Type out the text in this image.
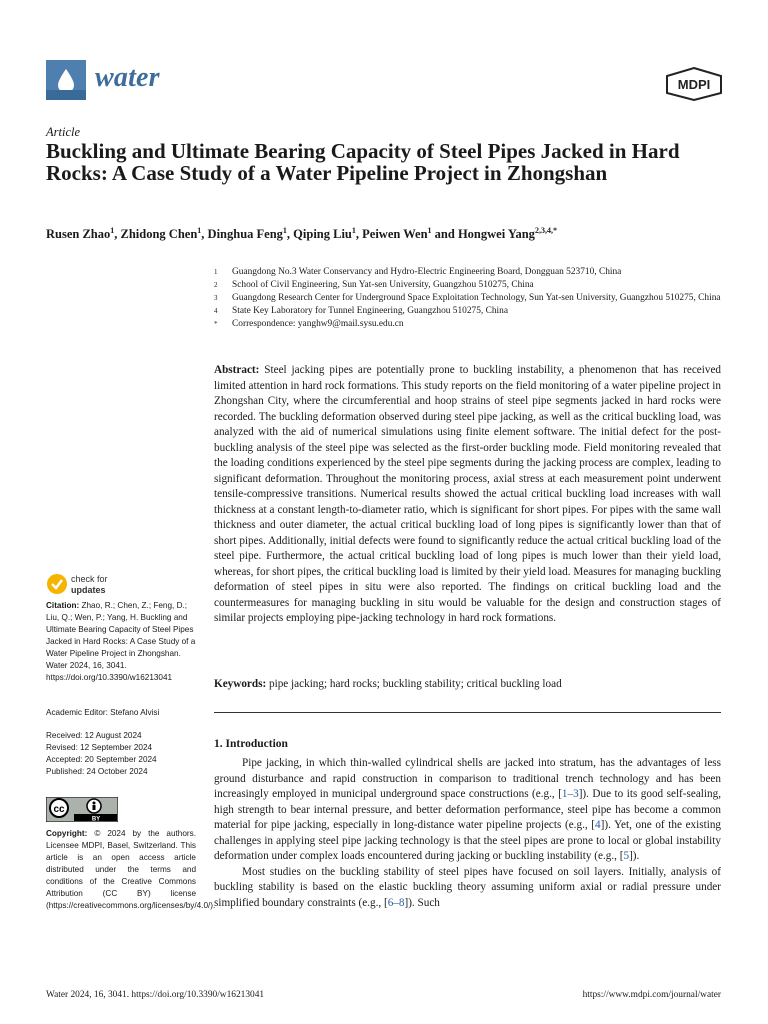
water	MDPI
Article
Buckling and Ultimate Bearing Capacity of Steel Pipes Jacked in Hard Rocks: A Case Study of a Water Pipeline Project in Zhongshan
Rusen Zhao$^1$, Zhidong Chen$^1$, Dinghua Feng$^1$, Qiping Liu$^1$, Peiwen Wen$^1$ and Hongwei Yang$^{2,3,4,*}$
1	Guangdong No.3 Water Conservancy and Hydro-Electric Engineering Board, Dongguan 523710, China
2	School of Civil Engineering, Sun Yat-sen University, Guangzhou 510275, China
3	Guangdong Research Center for Underground Space Exploitation Technology, Sun Yat-sen University, Guangzhou 510275, China
4	State Key Laboratory for Tunnel Engineering, Guangzhou 510275, China
*	Correspondence: yanghw9@mail.sysu.edu.cn
Abstract: Steel jacking pipes are potentially prone to buckling instability, a phenomenon that has received limited attention in hard rock formations. This study reports on the field monitoring of a water pipeline project in Zhongshan City, where the circumferential and hoop strains of steel pipe segments jacked in hard rocks were recorded. The buckling deformation observed during steel pipe jacking, as well as the critical buckling load, was analyzed with the aid of numerical simulations using finite element software. The initial defect for the post-buckling analysis of the steel pipe was selected as the first-order buckling mode. Field monitoring revealed that the loading conditions experienced by the steel pipe segments during the jacking process are complex, leading to significant deformation. Throughout the monitoring process, axial stress at each measurement point underwent tensile-compressive transitions. Numerical results showed the actual critical buckling load increases with wall thickness at a constant length-to-diameter ratio, which is significant for short pipes. For pipes with the same wall thickness and outer diameter, the actual critical buckling load of long pipes is significantly lower than that of short pipes. Additionally, initial defects were found to significantly reduce the actual critical buckling load of the steel pipe. Furthermore, the actual critical buckling load of long pipes is much lower than their yield load, whereas, for short pipes, the critical buckling load is limited by their yield load. Measures for managing buckling deformation of steel pipes in situ were also reported. The findings on critical buckling load and the countermeasures for managing buckling in situ would be valuable for the design and construction stages of similar projects employing pipe-jacking technology in hard rock formations.
Keywords: pipe jacking; hard rocks; buckling stability; critical buckling load
1. Introduction

Pipe jacking, in which thin-walled cylindrical shells are jacked into stratum, has the advantages of less ground disturbance and rapid construction in comparison to traditional trench technology and has been increasingly employed in municipal underground space constructions (e.g., [1–3]). Due to its good self-sealing, high strength to bear internal pressure, and better deformation performance, steel pipe has become a common material for pipe jacking, especially in long-distance water pipeline projects (e.g., [4]). Yet, one of the existing challenges in applying steel pipe jacking technology is that the steel pipes are prone to local or global instability deformation under complex loads encountered during jacking or buckling instability (e.g., [5]).

Most studies on the buckling stability of steel pipes have focused on soil layers. Initially, analysis of buckling stability is based on the elastic buckling theory assuming uniform axial or radial pressure under simplified boundary constraints (e.g., [6–8]). Such

check for
updates
Citation: Zhao, R.; Chen, Z.; Feng, D.; Liu, Q.; Wen, P.; Yang, H. Buckling and Ultimate Bearing Capacity of Steel Pipes Jacked in Hard Rocks: A Case Study of a Water Pipeline Project in Zhongshan. Water 2024, 16, 3041. https://doi.org/10.3390/w16213041
Academic Editor: Stefano Alvisi
Received: 12 August 2024
Revised: 12 September 2024
Accepted: 20 September 2024
Published: 24 October 2024
cc
BY
Copyright: © 2024 by the authors. Licensee MDPI, Basel, Switzerland. This article is an open access article distributed under the terms and conditions of the Creative Commons Attribution (CC BY) license (https://creativecommons.org/licenses/by/4.0/).
Water 2024, 16, 3041. https://doi.org/10.3390/w16213041	https://www.mdpi.com/journal/water
